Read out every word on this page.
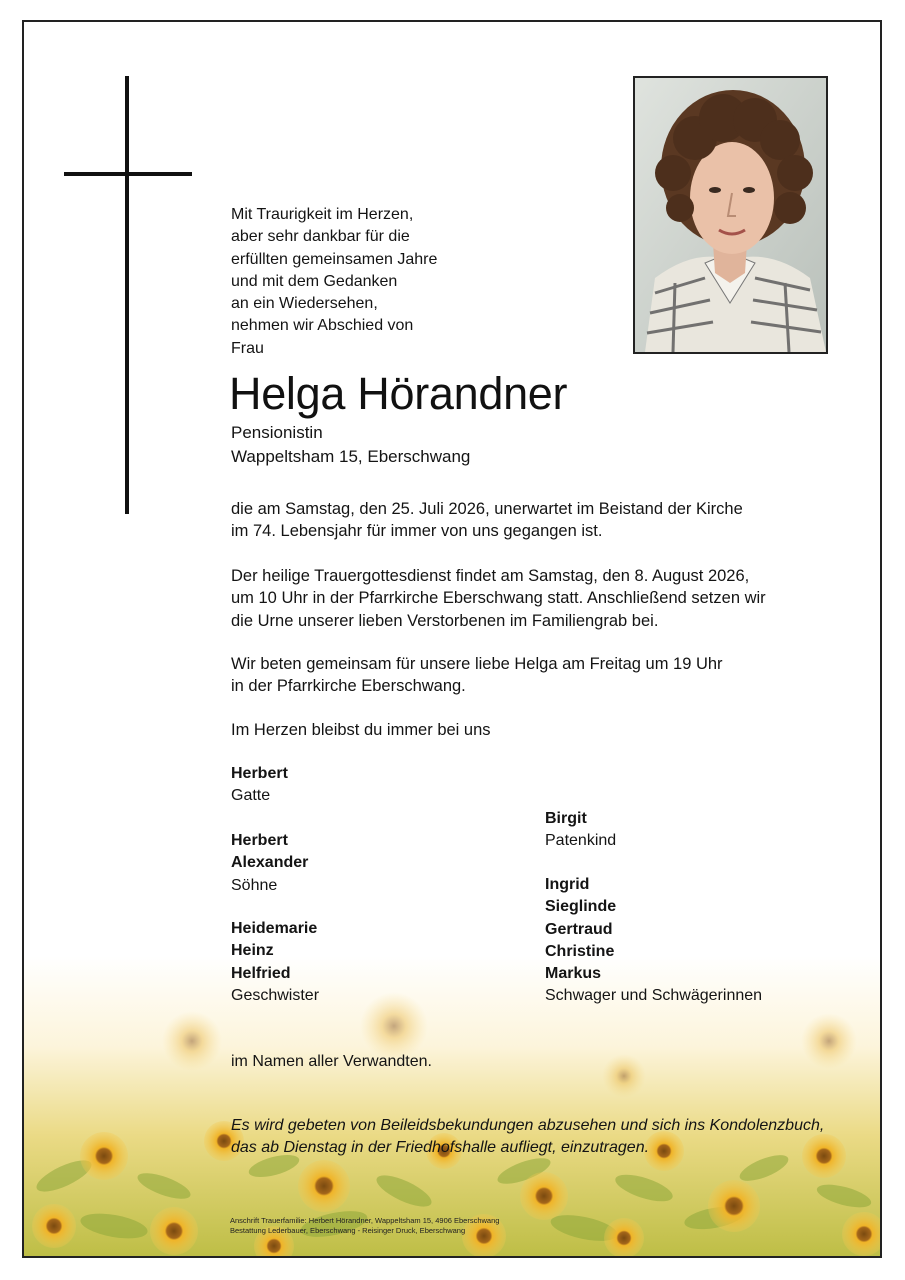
Mit Traurigkeit im Herzen,
aber sehr dankbar für die
erfüllten gemeinsamen Jahre
und mit dem Gedanken
an ein Wiedersehen,
nehmen wir Abschied von
Frau
Helga Hörandner
Pensionistin
Wappeltsham 15, Eberschwang
die am Samstag, den 25. Juli 2026, unerwartet im Beistand der Kirche
im 74. Lebensjahr für immer von uns gegangen ist.
Der heilige Trauergottesdienst findet am Samstag, den 8. August 2026,
um 10 Uhr in der Pfarrkirche Eberschwang statt. Anschließend setzen wir
die Urne unserer lieben Verstorbenen im Familiengrab bei.
Wir beten gemeinsam für unsere liebe Helga am Freitag um 19 Uhr
in der Pfarrkirche Eberschwang.
Im Herzen bleibst du immer bei uns
Herbert
Gatte
Herbert
Alexander
Söhne
Heidemarie
Heinz
Helfried
Geschwister
Birgit
Patenkind
Ingrid
Sieglinde
Gertraud
Christine
Markus
Schwager und Schwägerinnen
im Namen aller Verwandten.
Es wird gebeten von Beileidsbekundungen abzusehen und sich ins Kondolenzbuch,
das ab Dienstag in der Friedhofshalle aufliegt, einzutragen.
Anschrift Trauerfamilie: Herbert Hörandner, Wappeltsham 15, 4906 Eberschwang
Bestattung Lederbauer, Eberschwang - Reisinger Druck, Eberschwang
